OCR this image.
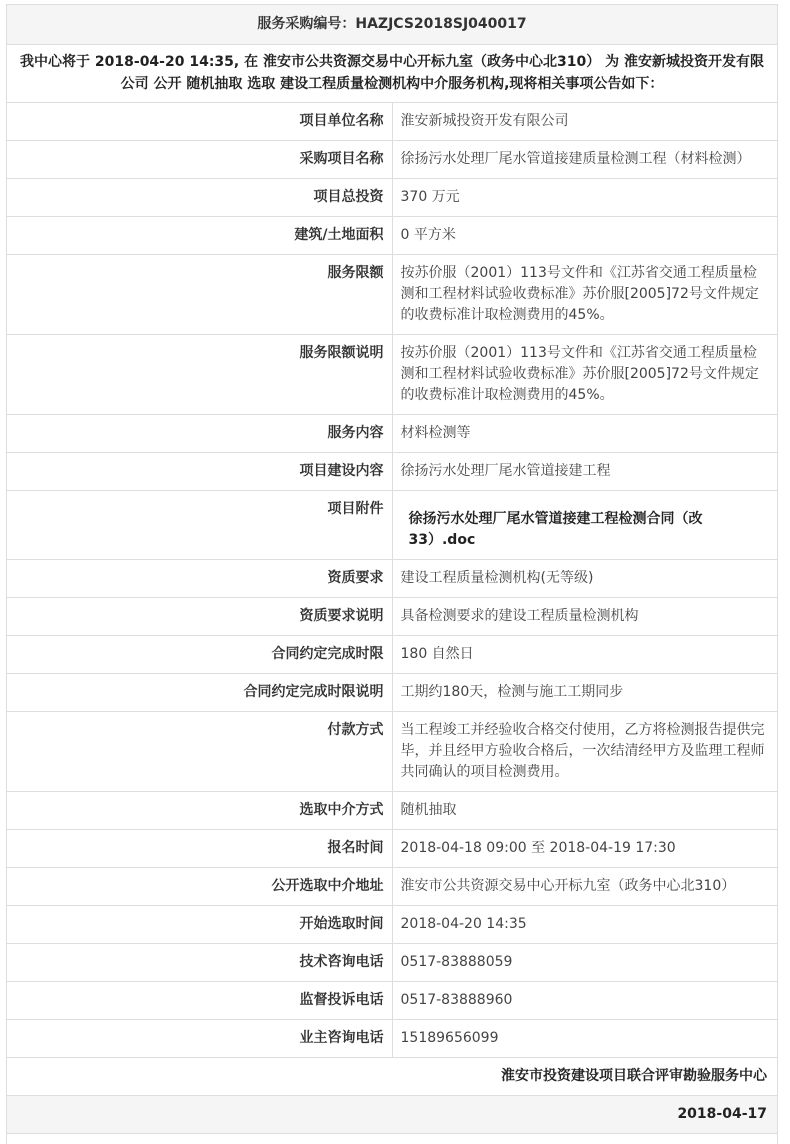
服务采购编号：HAZJCS2018SJ040017	
我中心将于 2018-04-20 14:35, 在 淮安市公共资源交易中心开标九室（政务中心北310） 为 淮安新城投资开发有限公司 公开 随机抽取 选取 建设工程质量检测机构中介服务机构,现将相关事项公告如下：	
项目单位名称	淮安新城投资开发有限公司
采购项目名称	徐扬污水处理厂尾水管道接建质量检测工程（材料检测）
项目总投资	370 万元
建筑/土地面积	0 平方米
服务限额	按苏价服（2001）113号文件和《江苏省交通工程质量检测和工程材料试验收费标准》苏价服[2005]72号文件规定的收费标准计取检测费用的45%。
服务限额说明	按苏价服（2001）113号文件和《江苏省交通工程质量检测和工程材料试验收费标准》苏价服[2005]72号文件规定的收费标准计取检测费用的45%。
服务内容	材料检测等
项目建设内容	徐扬污水处理厂尾水管道接建工程
项目附件	徐扬污水处理厂尾水管道接建工程检测合同（改33）.doc
资质要求	建设工程质量检测机构(无等级)
资质要求说明	具备检测要求的建设工程质量检测机构
合同约定完成时限	180 自然日
合同约定完成时限说明	工期约180天，检测与施工工期同步
付款方式	当工程竣工并经验收合格交付使用，乙方将检测报告提供完毕，并且经甲方验收合格后，一次结清经甲方及监理工程师共同确认的项目检测费用。
选取中介方式	随机抽取
报名时间	2018-04-18 09:00 至 2018-04-19 17:30
公开选取中介地址	淮安市公共资源交易中心开标九室（政务中心北310）
开始选取时间	2018-04-20 14:35
技术咨询电话	0517-83888059
监督投诉电话	0517-83888960
业主咨询电话	15189656099
淮安市投资建设项目联合评审勘验服务中心	
2018-04-17	
